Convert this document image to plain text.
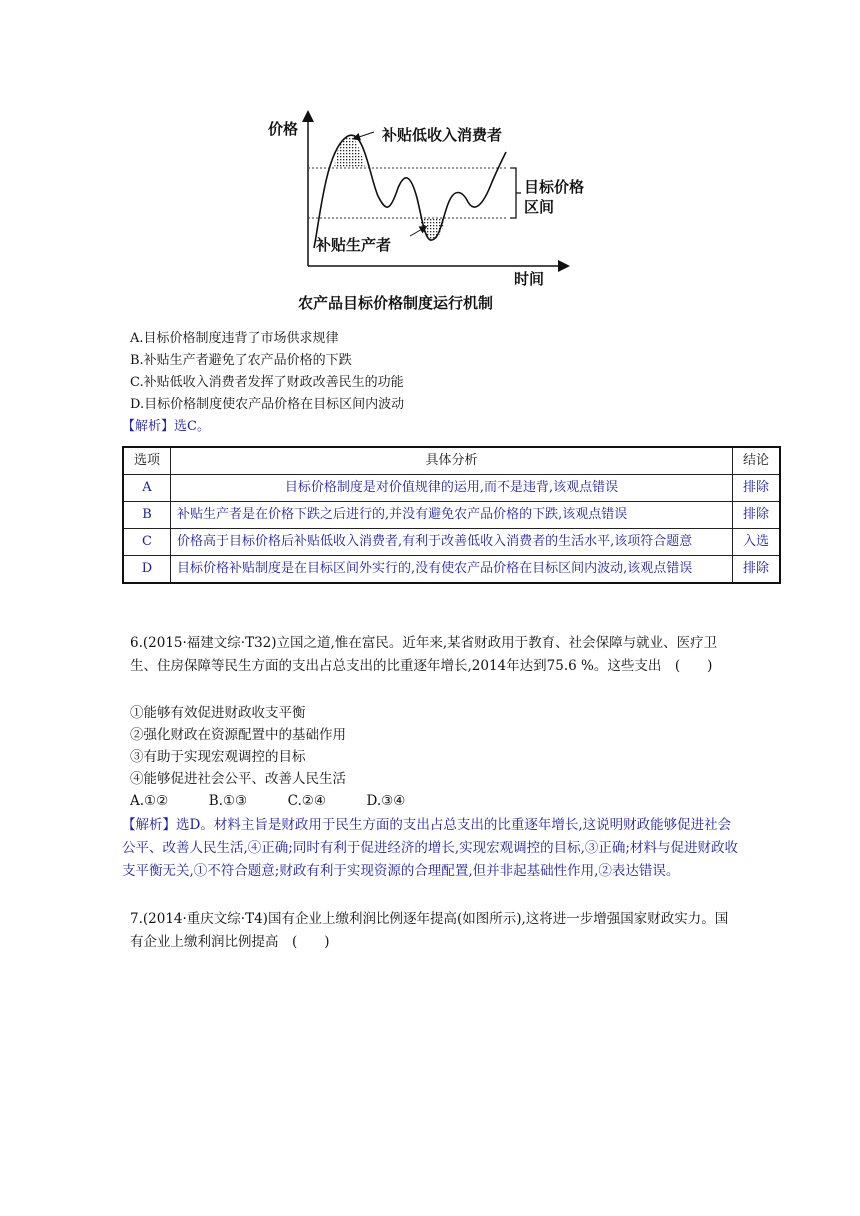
价格	补贴低收入消费者
目标价格
区间
补贴生产者
时间
农产品目标价格制度运行机制
A.目标价格制度违背了市场供求规律
B.补贴生产者避免了农产品价格的下跌
C.补贴低收入消费者发挥了财政改善民生的功能
D.目标价格制度使农产品价格在目标区间内波动
【解析】选C。
选项	具体分析	结论
A	目标价格制度是对价值规律的运用,而不是违背,该观点错误	排除
B	补贴生产者是在价格下跌之后进行的,并没有避免农产品价格的下跌,该观点错误	排除
C	价格高于目标价格后补贴低收入消费者,有利于改善低收入消费者的生活水平,该项符合题意	入选
D	目标价格补贴制度是在目标区间外实行的,没有使农产品价格在目标区间内波动,该观点错误	排除
6.(2015·福建文综·T32)立国之道,惟在富民。近年来,某省财政用于教育、社会保障与就业、医疗卫生、住房保障等民生方面的支出占总支出的比重逐年增长,2014年达到75.6 %。这些支出　(　　)
①能够有效促进财政收支平衡
②强化财政在资源配置中的基础作用
③有助于实现宏观调控的目标
④能够促进社会公平、改善人民生活
A.①②　　　B.①③　　　C.②④　　　D.③④
【解析】选D。材料主旨是财政用于民生方面的支出占总支出的比重逐年增长,这说明财政能够促进社会公平、改善人民生活,④正确;同时有利于促进经济的增长,实现宏观调控的目标,③正确;材料与促进财政收支平衡无关,①不符合题意;财政有利于实现资源的合理配置,但并非起基础性作用,②表达错误。
7.(2014·重庆文综·T4)国有企业上缴利润比例逐年提高(如图所示),这将进一步增强国家财政实力。国有企业上缴利润比例提高　(　　)
